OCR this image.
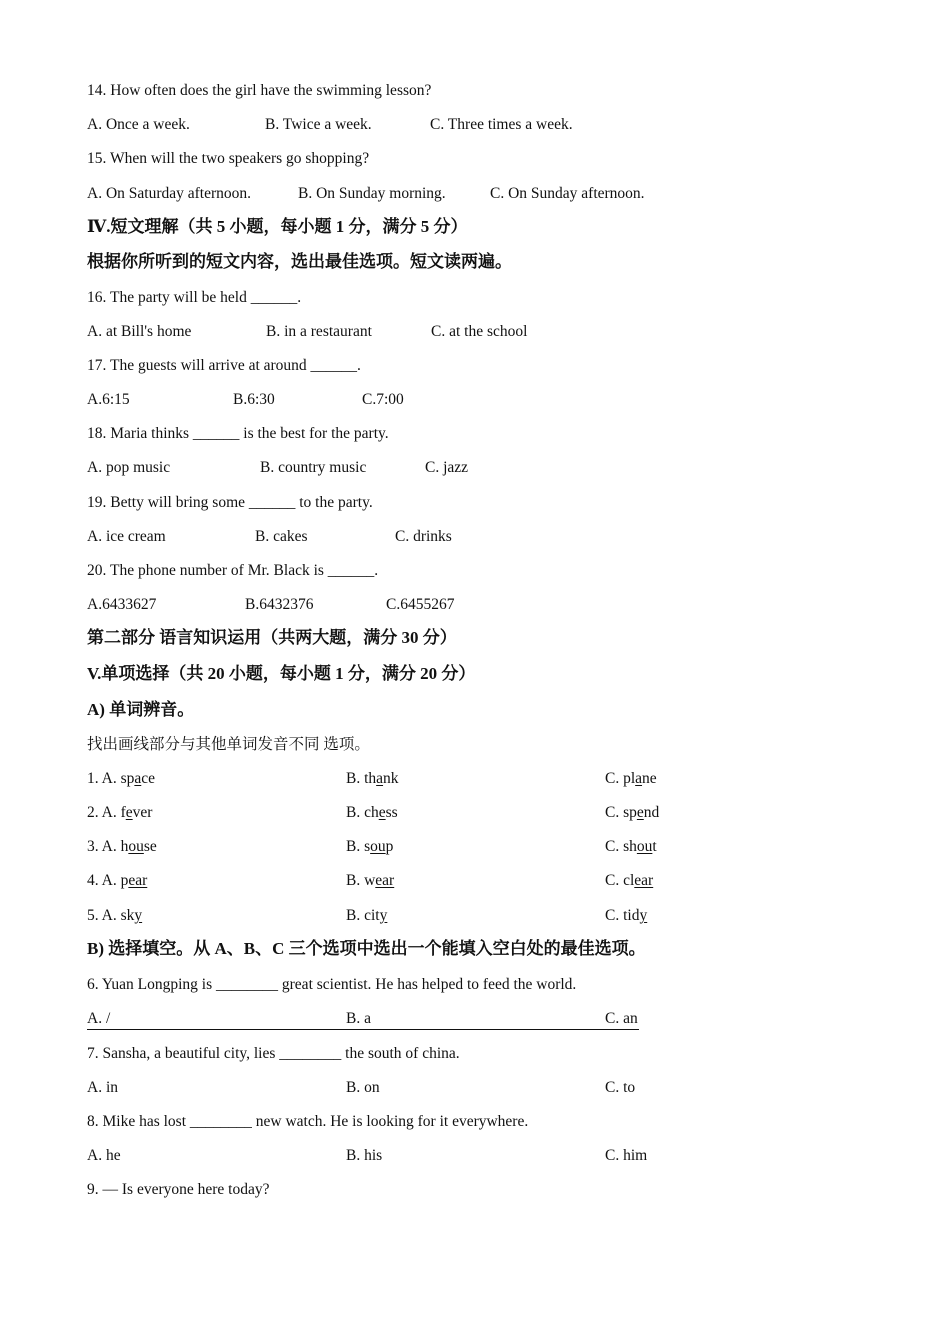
14. How often does the girl have the swimming lesson?
A. Once a week.	B. Twice a week.	C. Three times a week.
15. When will the two speakers go shopping?
A. On Saturday afternoon.	B. On Sunday morning.	C. On Sunday afternoon.
Ⅳ.短文理解（共 5 小题，每小题 1 分，满分 5 分）
根据你所听到的短文内容，选出最佳选项。短文读两遍。
16. The party will be held ______.
A. at Bill's home	B. in a restaurant	C. at the school
17. The guests will arrive at around ______.
A.6:15	B.6:30	C.7:00
18. Maria thinks ______ is the best for the party.
A. pop music	B. country music	C. jazz
19. Betty will bring some ______ to the party.
A. ice cream	B. cakes	C. drinks
20. The phone number of Mr. Black is ______.
A.6433627	B.6432376	C.6455267
第二部分 语言知识运用（共两大题，满分 30 分）
V.单项选择（共 20 小题，每小题 1 分，满分 20 分）
A) 单词辨音。
找出画线部分与其他单词发音不同 选项。
1. A. space	B. thank	C. plane
2. A. fever	B. chess	C. spend
3. A. house	B. soup	C. shout
4. A. pear	B. wear	C. clear
5. A. sky	B. city	C. tidy
B) 选择填空。从 A、B、C 三个选项中选出一个能填入空白处的最佳选项。
6. Yuan Longping is ________ great scientist. He has helped to feed the world.
A. /	B. a	C. an
7. Sansha, a beautiful city, lies ________ the south of china.
A. in	B. on	C. to
8. Mike has lost ________ new watch. He is looking for it everywhere.
A. he	B. his	C. him
9. — Is everyone here today?
